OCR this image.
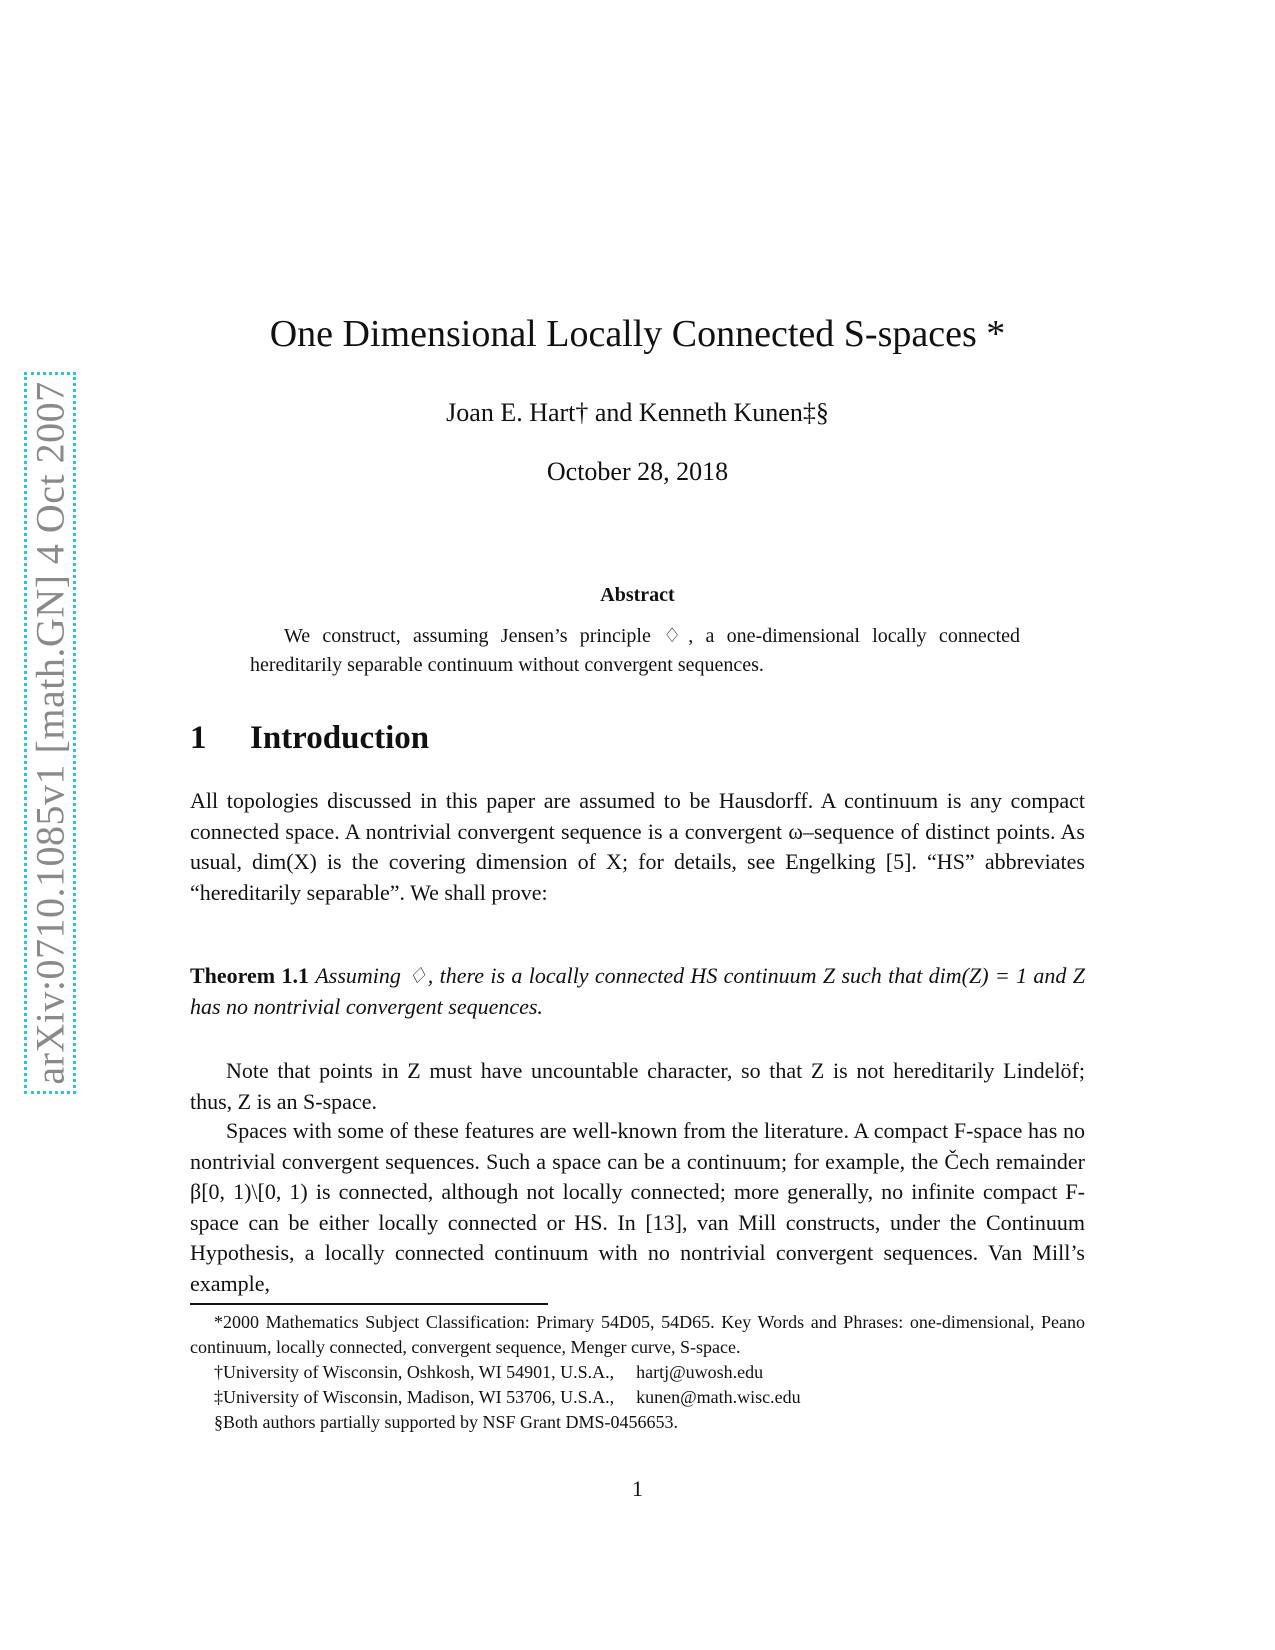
arXiv:0710.1085v1 [math.GN] 4 Oct 2007
One Dimensional Locally Connected S-spaces *
Joan E. Hart† and Kenneth Kunen‡§
October 28, 2018
Abstract
We construct, assuming Jensen’s principle ♢, a one-dimensional locally connected hereditarily separable continuum without convergent sequences.
1 Introduction
All topologies discussed in this paper are assumed to be Hausdorff. A continuum is any compact connected space. A nontrivial convergent sequence is a convergent ω–sequence of distinct points. As usual, dim(X) is the covering dimension of X; for details, see Engelking [5]. “HS” abbreviates “hereditarily separable”. We shall prove:
Theorem 1.1 Assuming ♢, there is a locally connected HS continuum Z such that dim(Z) = 1 and Z has no nontrivial convergent sequences.
Note that points in Z must have uncountable character, so that Z is not hereditarily Lindelöf; thus, Z is an S-space.
Spaces with some of these features are well-known from the literature. A compact F-space has no nontrivial convergent sequences. Such a space can be a continuum; for example, the Čech remainder β[0, 1)\[0, 1) is connected, although not locally connected; more generally, no infinite compact F-space can be either locally connected or HS. In [13], van Mill constructs, under the Continuum Hypothesis, a locally connected continuum with no nontrivial convergent sequences. Van Mill’s example,
*2000 Mathematics Subject Classification: Primary 54D05, 54D65. Key Words and Phrases: one-dimensional, Peano continuum, locally connected, convergent sequence, Menger curve, S-space.
†University of Wisconsin, Oshkosh, WI 54901, U.S.A., hartj@uwosh.edu
‡University of Wisconsin, Madison, WI 53706, U.S.A., kunen@math.wisc.edu
§Both authors partially supported by NSF Grant DMS-0456653.
1
